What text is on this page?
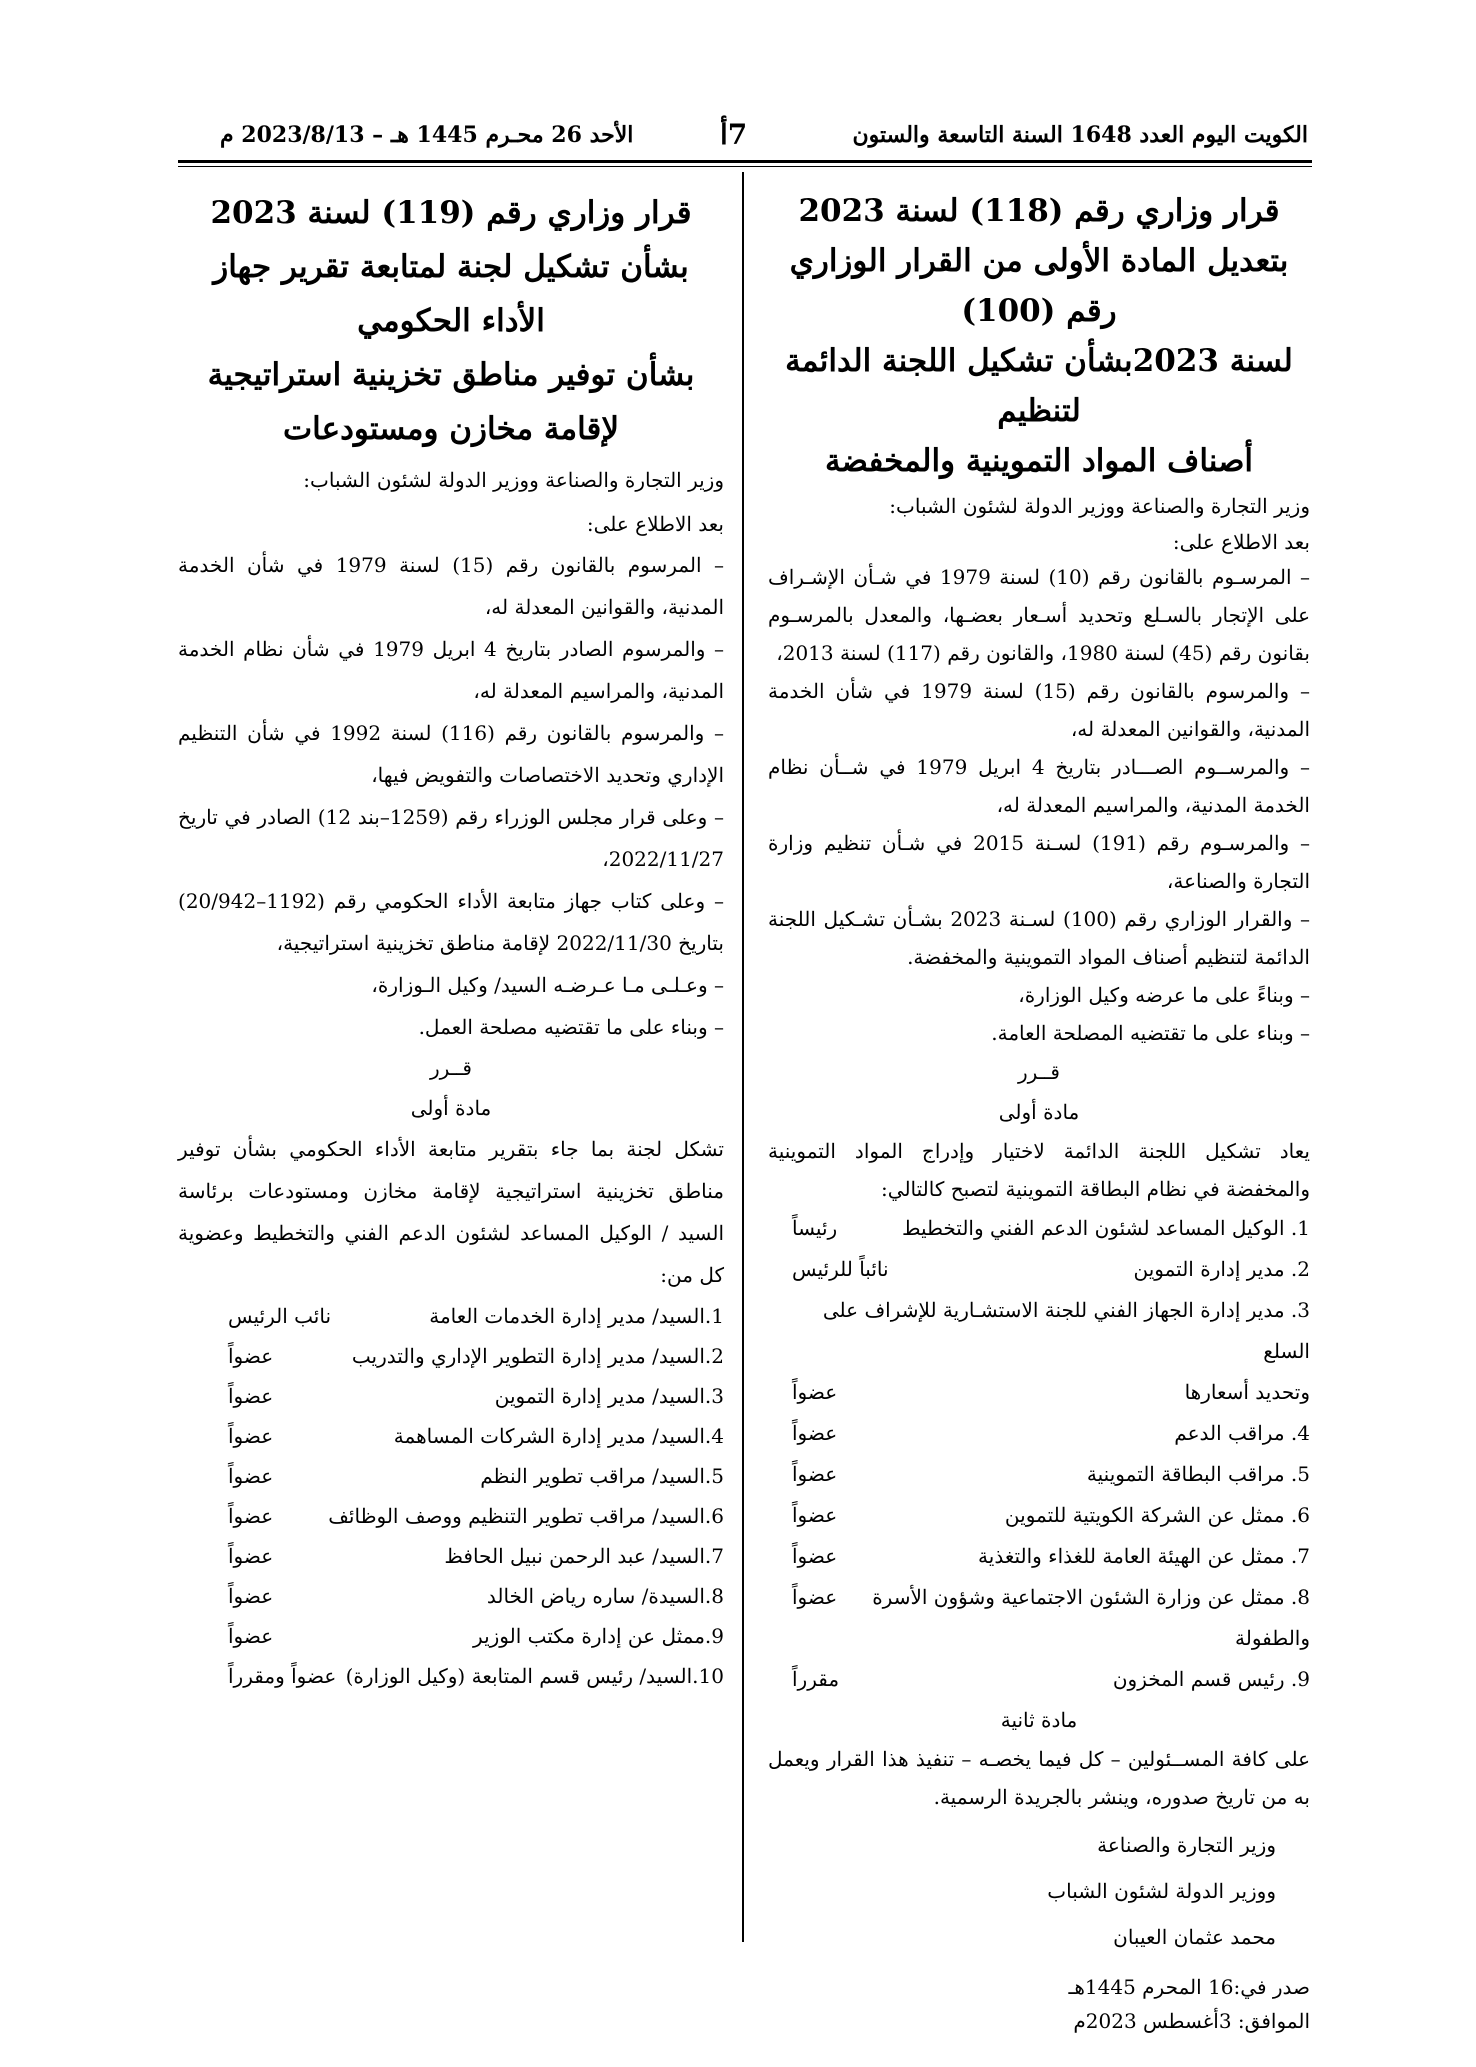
الكويت اليوم العدد 1648 السنة التاسعة والستون
7أ
الأحد 26 محـرم 1445 هـ – 2023/8/13 م
قرار وزاري رقم (118) لسنة 2023
بتعديل المادة الأولى من القرار الوزاري رقم (100)
لسنة 2023بشأن تشكيل اللجنة الدائمة لتنظيم
أصناف المواد التموينية والمخفضة
وزير التجارة والصناعة ووزير الدولة لشئون الشباب:
بعد الاطلاع على:
– المرسـوم بالقانون رقم (10) لسنة 1979 في شـأن الإشـراف على الإتجار بالسـلع وتحديد أسـعار بعضـها، والمعدل بالمرسـوم بقانون رقم (45) لسنة 1980، والقانون رقم (117) لسنة 2013،
– والمرسوم بالقانون رقم (15) لسنة 1979 في شأن الخدمة المدنية، والقوانين المعدلة له،
– والمرســوم الصـــادر بتاريخ 4 ابريل 1979 في شــأن نظام الخدمة المدنية، والمراسيم المعدلة له،
– والمرسـوم رقم (191) لسـنة 2015 في شـأن تنظيم وزارة التجارة والصناعة،
– والقرار الوزاري رقم (100) لسـنة 2023 بشـأن تشـكيل اللجنة الدائمة لتنظيم أصناف المواد التموينية والمخفضة.
– وبناءً على ما عرضه وكيل الوزارة،
– وبناء على ما تقتضيه المصلحة العامة.
قــرر
مادة أولى
يعاد تشكيل اللجنة الدائمة لاختيار وإدراج المواد التموينية والمخفضة في نظام البطاقة التموينية لتصبح كالتالي:
1. الوكيل المساعد لشئون الدعم الفني والتخطيط
رئيساً
2. مدير إدارة التموين
نائباً للرئيس
3. مدير إدارة الجهاز الفني للجنة الاستشـارية للإشراف على السلع
وتحديد أسعارها
عضواً
4. مراقب الدعم
عضواً
5. مراقب البطاقة التموينية
عضواً
6. ممثل عن الشركة الكويتية للتموين
عضواً
7. ممثل عن الهيئة العامة للغذاء والتغذية
عضواً
8. ممثل عن وزارة الشئون الاجتماعية وشؤون الأسرة والطفولة
عضواً
9. رئيس قسم المخزون
مقرراً
مادة ثانية
على كافة المســئولين – كل فيما يخصـه – تنفيذ هذا القرار ويعمل به من تاريخ صدوره، وينشر بالجريدة الرسمية.
وزير التجارة والصناعة
ووزير الدولة لشئون الشباب
محمد عثمان العيبان
صدر في:16 المحرم 1445هـ
الموافق: 3أغسطس 2023م
قرار وزاري رقم (119) لسنة 2023
بشأن تشكيل لجنة لمتابعة تقرير جهاز الأداء الحكومي
بشأن توفير مناطق تخزينية استراتيجية
لإقامة مخازن ومستودعات
وزير التجارة والصناعة ووزير الدولة لشئون الشباب:
بعد الاطلاع على:
– المرسوم بالقانون رقم (15) لسنة 1979 في شأن الخدمة المدنية، والقوانين المعدلة له،
– والمرسوم الصادر بتاريخ 4 ابريل 1979 في شأن نظام الخدمة المدنية، والمراسيم المعدلة له،
– والمرسوم بالقانون رقم (116) لسنة 1992 في شأن التنظيم الإداري وتحديد الاختصاصات والتفويض فيها،
– وعلى قرار مجلس الوزراء رقم (1259–بند 12) الصادر في تاريخ 2022/11/27،
– وعلى كتاب جهاز متابعة الأداء الحكومي رقم (1192–20/942) بتاريخ 2022/11/30 لإقامة مناطق تخزينية استراتيجية،
– وعـلـى مـا عـرضـه السيد/ وكيل الـوزارة،
– وبناء على ما تقتضيه مصلحة العمل.
قــرر
مادة أولى
تشكل لجنة بما جاء بتقرير متابعة الأداء الحكومي بشأن توفير مناطق تخزينية استراتيجية لإقامة مخازن ومستودعات برئاسة السيد / الوكيل المساعد لشئون الدعم الفني والتخطيط وعضوية كل من:
1.السيد/ مدير إدارة الخدمات العامة
نائب الرئيس
2.السيد/ مدير إدارة التطوير الإداري والتدريب
عضواً
3.السيد/ مدير إدارة التموين
عضواً
4.السيد/ مدير إدارة الشركات المساهمة
عضواً
5.السيد/ مراقب تطوير النظم
عضواً
6.السيد/ مراقب تطوير التنظيم ووصف الوظائف
عضواً
7.السيد/ عبد الرحمن نبيل الحافظ
عضواً
8.السيدة/ ساره رياض الخالد
عضواً
9.ممثل عن إدارة مكتب الوزير
عضواً
10.السيد/ رئيس قسم المتابعة (وكيل الوزارة)
عضواً ومقرراً
